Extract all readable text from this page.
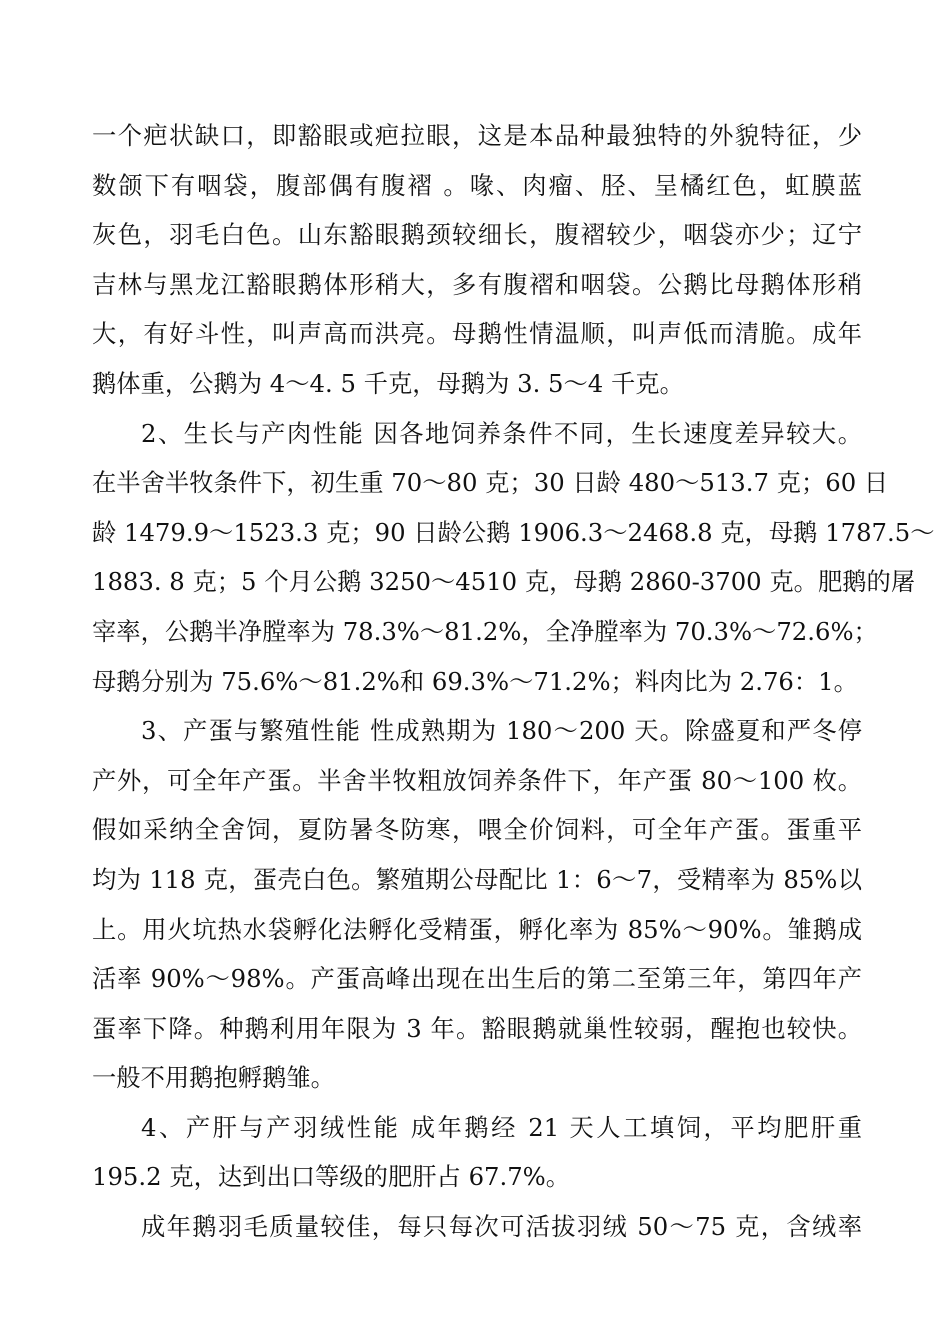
一个疤状缺口，即豁眼或疤拉眼，这是本品种最独特的外貌特征，少
数颌下有咽袋，腹部偶有腹褶 。喙、肉瘤、胫、呈橘红色，虹膜蓝
灰色，羽毛白色。山东豁眼鹅颈较细长，腹褶较少，咽袋亦少；辽宁
吉林与黑龙江豁眼鹅体形稍大，多有腹褶和咽袋。公鹅比母鹅体形稍
大，有好斗性，叫声高而洪亮。母鹅性情温顺，叫声低而清脆。成年
鹅体重，公鹅为 4～4. 5 千克，母鹅为 3. 5～4 千克。
2、生长与产肉性能 因各地饲养条件不同，生长速度差异较大。
在半舍半牧条件下，初生重 70～80 克；30 日龄 480～513.7 克；60 日
龄 1479.9～1523.3 克；90 日龄公鹅 1906.3～2468.8 克，母鹅 1787.5～
1883. 8 克；5 个月公鹅 3250～4510 克，母鹅 2860-3700 克。肥鹅的屠
宰率，公鹅半净膛率为 78.3%～81.2%，全净膛率为 70.3%～72.6%；
母鹅分别为 75.6%～81.2%和 69.3%～71.2%；料肉比为 2.76：1。
3、产蛋与繁殖性能 性成熟期为 180～200 天。除盛夏和严冬停
产外，可全年产蛋。半舍半牧粗放饲养条件下，年产蛋 80～100 枚。
假如采纳全舍饲，夏防暑冬防寒，喂全价饲料，可全年产蛋。蛋重平
均为 118 克，蛋壳白色。繁殖期公母配比 1：6～7，受精率为 85%以
上。用火坑热水袋孵化法孵化受精蛋，孵化率为 85%～90%。雏鹅成
活率 90%～98%。产蛋高峰出现在出生后的第二至第三年，第四年产
蛋率下降。种鹅利用年限为 3 年。豁眼鹅就巢性较弱，醒抱也较快。
一般不用鹅抱孵鹅雏。
4、产肝与产羽绒性能 成年鹅经 21 天人工填饲，平均肥肝重
195.2 克，达到出口等级的肥肝占 67.7%。
成年鹅羽毛质量较佳，每只每次可活拔羽绒 50～75 克，含绒率
